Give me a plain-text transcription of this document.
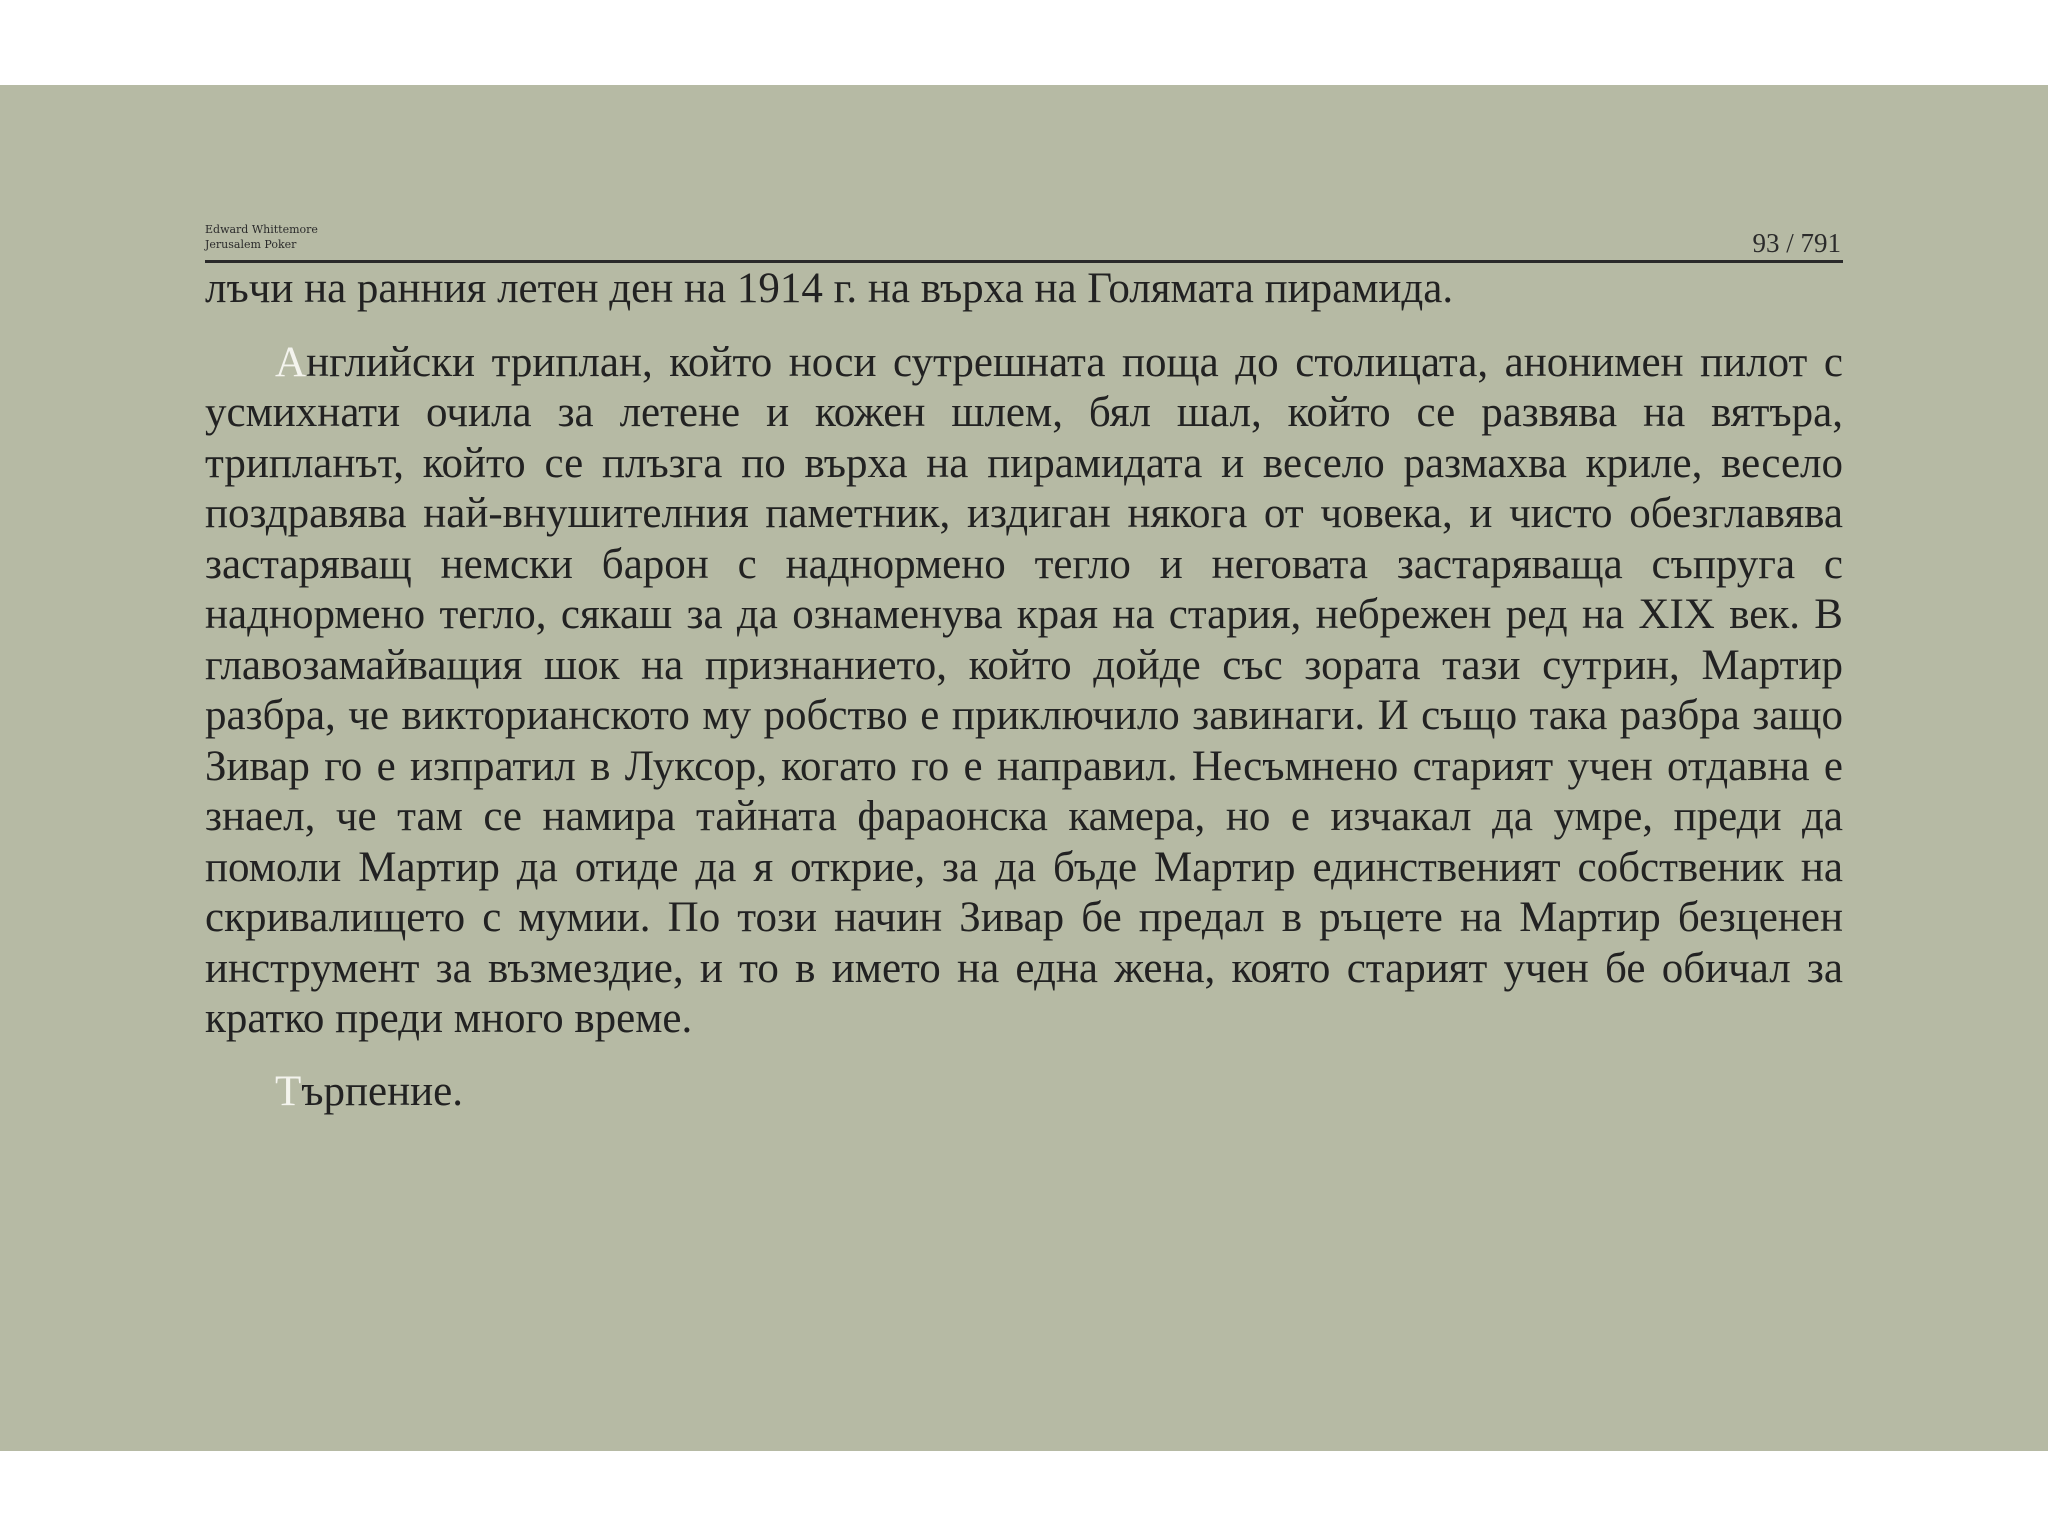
Edward Whittemore
Jerusalem Poker	93 / 791

лъчи на ранния летен ден на 1914 г. на върха на Голямата пирамида.

Английски триплан, който носи сутрешната поща до столицата, анонимен пилот с усмихнати очила за летене и кожен шлем, бял шал, който се развява на вятъра, трипланът, който се плъзга по върха на пирамидата и весело размахва криле, весело поздравява най-внушителния паметник, издиган някога от човека, и чисто обезглавява застаряващ немски барон с наднормено тегло и неговата застаряваща съпруга с наднормено тегло, сякаш за да ознаменува края на стария, небрежен ред на XIX век. В главозамайващия шок на признанието, който дойде със зората тази сутрин, Мартир разбра, че викторианското му робство е приключило завинаги. И също така разбра защо Зивар го е изпратил в Луксор, когато го е направил. Несъмнено старият учен отдавна е знаел, че там се намира тайната фараонска камера, но е изчакал да умре, преди да помоли Мартир да отиде да я открие, за да бъде Мартир единственият собственик на скривалището с мумии. По този начин Зивар бе предал в ръцете на Мартир безценен инструмент за възмездие, и то в името на една жена, която старият учен бе обичал за кратко преди много време.

Търпение.
